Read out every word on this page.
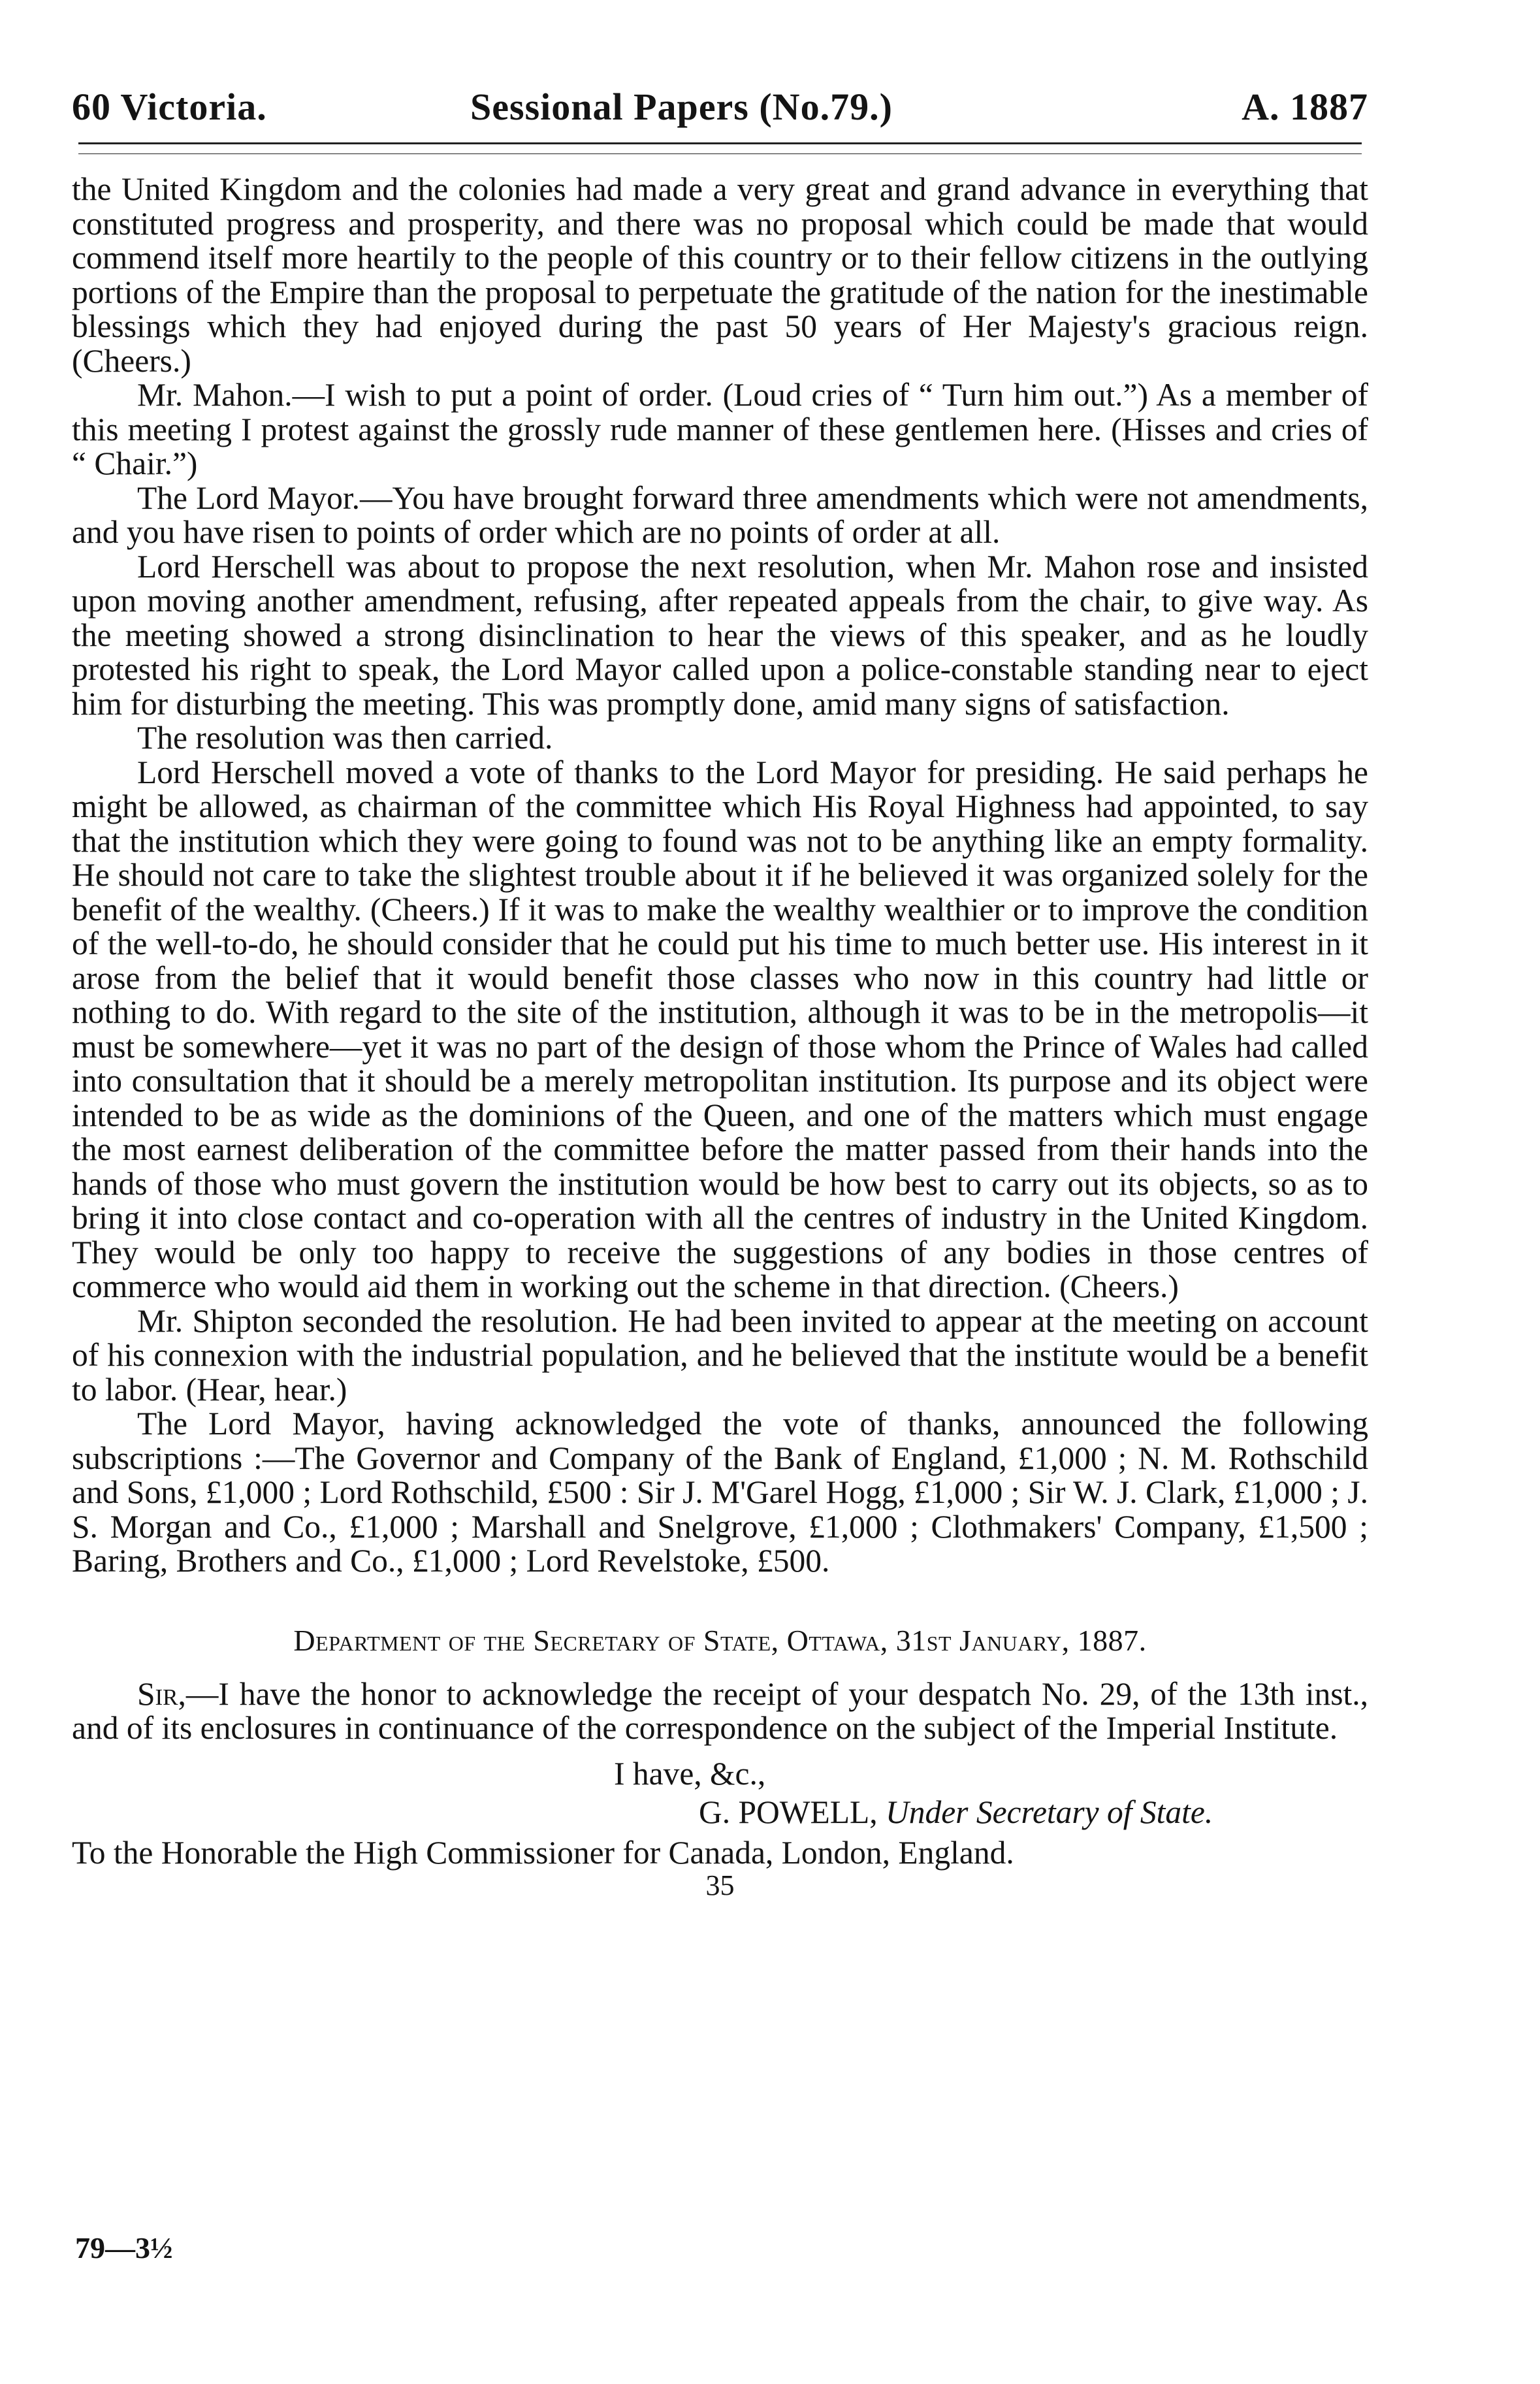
60 Victoria.	Sessional Papers (No.79.)	A. 1887

the United Kingdom and the colonies had made a very great and grand advance in everything that constituted progress and prosperity, and there was no proposal which could be made that would commend itself more heartily to the people of this country or to their fellow citizens in the outlying portions of the Empire than the proposal to perpetuate the gratitude of the nation for the inestimable blessings which they had enjoyed during the past 50 years of Her Majesty's gracious reign. (Cheers.)

Mr. Mahon.—I wish to put a point of order. (Loud cries of “ Turn him out.”) As a member of this meeting I protest against the grossly rude manner of these gentlemen here. (Hisses and cries of “ Chair.”)

The Lord Mayor.—You have brought forward three amendments which were not amendments, and you have risen to points of order which are no points of order at all.

Lord Herschell was about to propose the next resolution, when Mr. Mahon rose and insisted upon moving another amendment, refusing, after repeated appeals from the chair, to give way. As the meeting showed a strong disinclination to hear the views of this speaker, and as he loudly protested his right to speak, the Lord Mayor called upon a police-constable standing near to eject him for disturbing the meeting. This was promptly done, amid many signs of satisfaction.

The resolution was then carried.

Lord Herschell moved a vote of thanks to the Lord Mayor for presiding. He said perhaps he might be allowed, as chairman of the committee which His Royal Highness had appointed, to say that the institution which they were going to found was not to be anything like an empty formality. He should not care to take the slightest trouble about it if he believed it was organized solely for the benefit of the wealthy. (Cheers.) If it was to make the wealthy wealthier or to improve the condition of the well-to-do, he should consider that he could put his time to much better use. His interest in it arose from the belief that it would benefit those classes who now in this country had little or nothing to do. With regard to the site of the institution, although it was to be in the metropolis—it must be somewhere—yet it was no part of the design of those whom the Prince of Wales had called into consultation that it should be a merely metropolitan institution. Its purpose and its object were intended to be as wide as the dominions of the Queen, and one of the matters which must engage the most earnest deliberation of the committee before the matter passed from their hands into the hands of those who must govern the institution would be how best to carry out its objects, so as to bring it into close contact and co-operation with all the centres of industry in the United Kingdom. They would be only too happy to receive the suggestions of any bodies in those centres of commerce who would aid them in working out the scheme in that direction. (Cheers.)

Mr. Shipton seconded the resolution. He had been invited to appear at the meeting on account of his connexion with the industrial population, and he believed that the institute would be a benefit to labor. (Hear, hear.)

The Lord Mayor, having acknowledged the vote of thanks, announced the following subscriptions :—The Governor and Company of the Bank of England, £1,000 ; N. M. Rothschild and Sons, £1,000 ; Lord Rothschild, £500 : Sir J. M'Garel Hogg, £1,000 ; Sir W. J. Clark, £1,000 ; J. S. Morgan and Co., £1,000 ; Marshall and Snelgrove, £1,000 ; Clothmakers' Company, £1,500 ; Baring, Brothers and Co., £1,000 ; Lord Revelstoke, £500.

Department of the Secretary of State, Ottawa, 31st January, 1887.

Sir,—I have the honor to acknowledge the receipt of your despatch No. 29, of the 13th inst., and of its enclosures in continuance of the correspondence on the subject of the Imperial Institute.

I have, &c.,
G. POWELL, Under Secretary of State.
To the Honorable the High Commissioner for Canada, London, England.
35
79—3½
